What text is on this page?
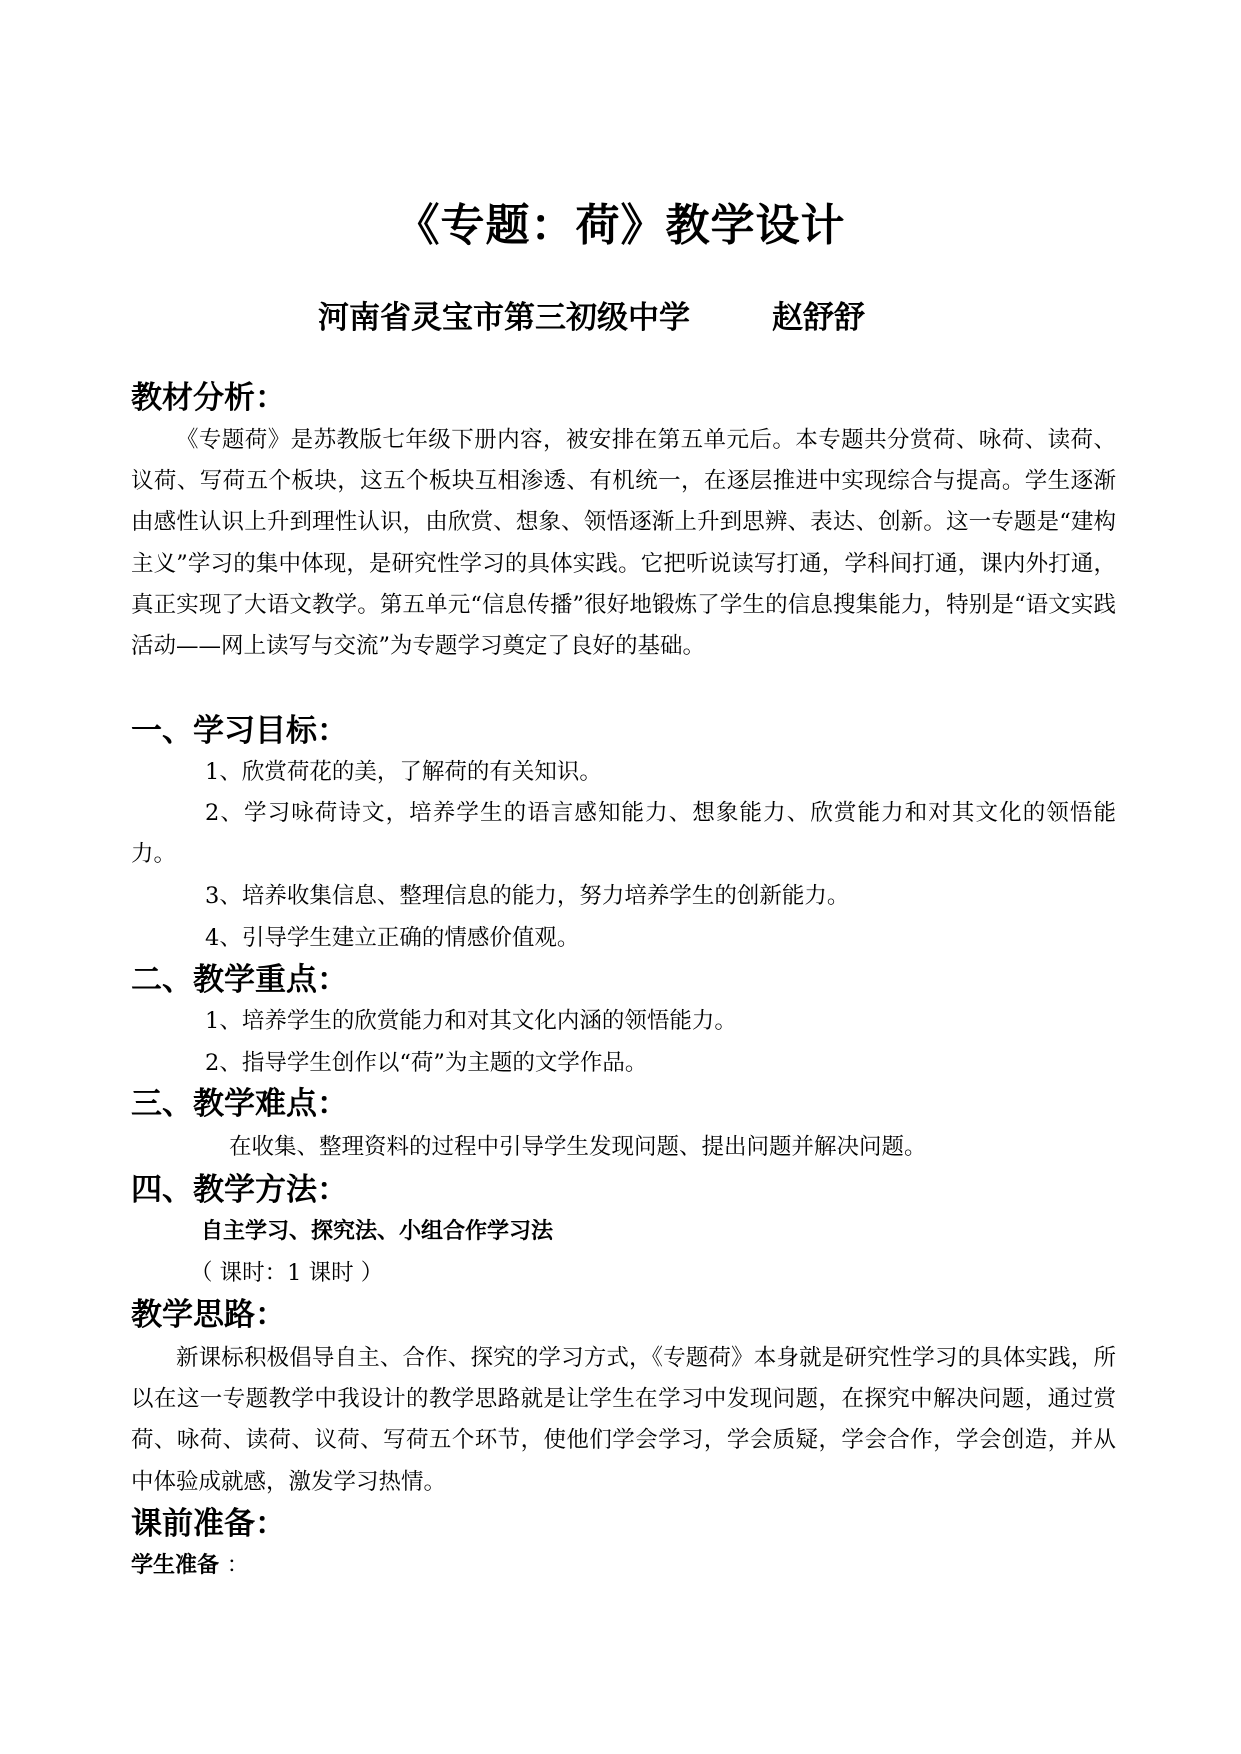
《专题：荷》教学设计
河南省灵宝市第三初级中学	赵舒舒
教材分析：
《专题荷》是苏教版七年级下册内容，被安排在第五单元后。本专题共分赏荷、咏荷、读荷、议荷、写荷五个板块，这五个板块互相渗透、有机统一，在逐层推进中实现综合与提高。学生逐渐由感性认识上升到理性认识，由欣赏、想象、领悟逐渐上升到思辨、表达、创新。这一专题是“建构主义”学习的集中体现，是研究性学习的具体实践。它把听说读写打通，学科间打通，课内外打通，真正实现了大语文教学。第五单元“信息传播”很好地锻炼了学生的信息搜集能力，特别是“语文实践活动——网上读写与交流”为专题学习奠定了良好的基础。
一、学习目标：
1、欣赏荷花的美，了解荷的有关知识。
2、学习咏荷诗文，培养学生的语言感知能力、想象能力、欣赏能力和对其文化的领悟能力。
3、培养收集信息、整理信息的能力，努力培养学生的创新能力。
4、引导学生建立正确的情感价值观。
二、教学重点：
1、培养学生的欣赏能力和对其文化内涵的领悟能力。
2、指导学生创作以“荷”为主题的文学作品。
三、教学难点：
在收集、整理资料的过程中引导学生发现问题、提出问题并解决问题。
四、教学方法：
自主学习、探究法、小组合作学习法
（ 课时：1 课时 ）
教学思路：
新课标积极倡导自主、合作、探究的学习方式，《专题荷》本身就是研究性学习的具体实践，所以在这一专题教学中我设计的教学思路就是让学生在学习中发现问题，在探究中解决问题，通过赏荷、咏荷、读荷、议荷、写荷五个环节，使他们学会学习，学会质疑，学会合作，学会创造，并从中体验成就感，激发学习热情。
课前准备：
学生准备 ：
